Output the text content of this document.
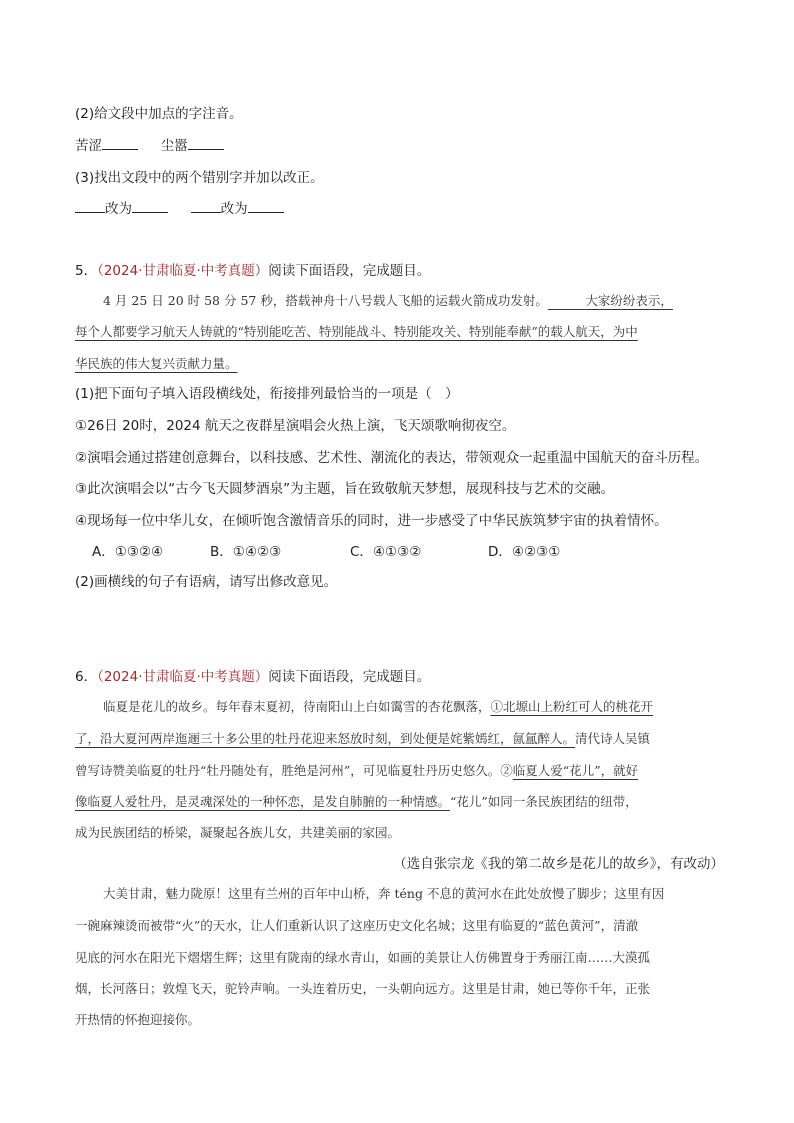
(2)给文段中加点的字注音。
苦涩	尘嚣
(3)找出文段中的两个错别字并加以改正。
改为	改为
5．（2024·甘肃临夏·中考真题）阅读下面语段，完成题目。
4 月 25 日 20 时 58 分 57 秒，搭载神舟十八号载人飞船的运载火箭成功发射。   	大家纷纷表示，
每个人都要学习航天人铸就的“特别能吃苦、特别能战斗、特别能攻关、特别能奉献”的载人航天，为中
华民族的伟大复兴贡献力量。
(1)把下面句子填入语段横线处，衔接排列最恰当的一项是（　）
①26日 20时，2024 航天之夜群星演唱会火热上演，飞天颂歌响彻夜空。
②演唱会通过搭建创意舞台，以科技感、艺术性、潮流化的表达，带领观众一起重温中国航天的奋斗历程。
③此次演唱会以“古今飞天圆梦酒泉”为主题，旨在致敬航天梦想，展现科技与艺术的交融。
④现场每一位中华儿女，在倾听饱含激情音乐的同时，进一步感受了中华民族筑梦宇宙的执着情怀。
A．①③②④	B．①④②③	C．④①③②	D．④②③①
(2)画横线的句子有语病，请写出修改意见。
6．（2024·甘肃临夏·中考真题）阅读下面语段，完成题目。
临夏是花儿的故乡。每年春末夏初，待南阳山上白如霭雪的杏花飘落，①北塬山上粉红可人的桃花开
了，沿大夏河两岸迤逦三十多公里的牡丹花迎来怒放时刻，到处便是姹紫嫣红，氤氲醉人。清代诗人吴镇
曾写诗赞美临夏的牡丹“牡丹随处有，胜绝是河州”，可见临夏牡丹历史悠久。②临夏人爱“花儿”，就好
像临夏人爱牡丹，是灵魂深处的一种怀恋，是发自肺腑的一种情感。“花儿”如同一条民族团结的纽带，
成为民族团结的桥梁，凝聚起各族儿女，共建美丽的家园。
（选自张宗龙《我的第二故乡是花儿的故乡》，有改动）
大美甘肃，魅力陇原！这里有兰州的百年中山桥，奔 téng 不息的黄河水在此处放慢了脚步；这里有因
一碗麻辣烫而被带“火”的天水，让人们重新认识了这座历史文化名城；这里有临夏的“蓝色黄河”，清澈
见底的河水在阳光下熠熠生辉；这里有陇南的绿水青山，如画的美景让人仿佛置身于秀丽江南……大漠孤
烟，长河落日；敦煌飞天，驼铃声响。一头连着历史，一头朝向远方。这里是甘肃，她已等你千年，正张
开热情的怀抱迎接你。
